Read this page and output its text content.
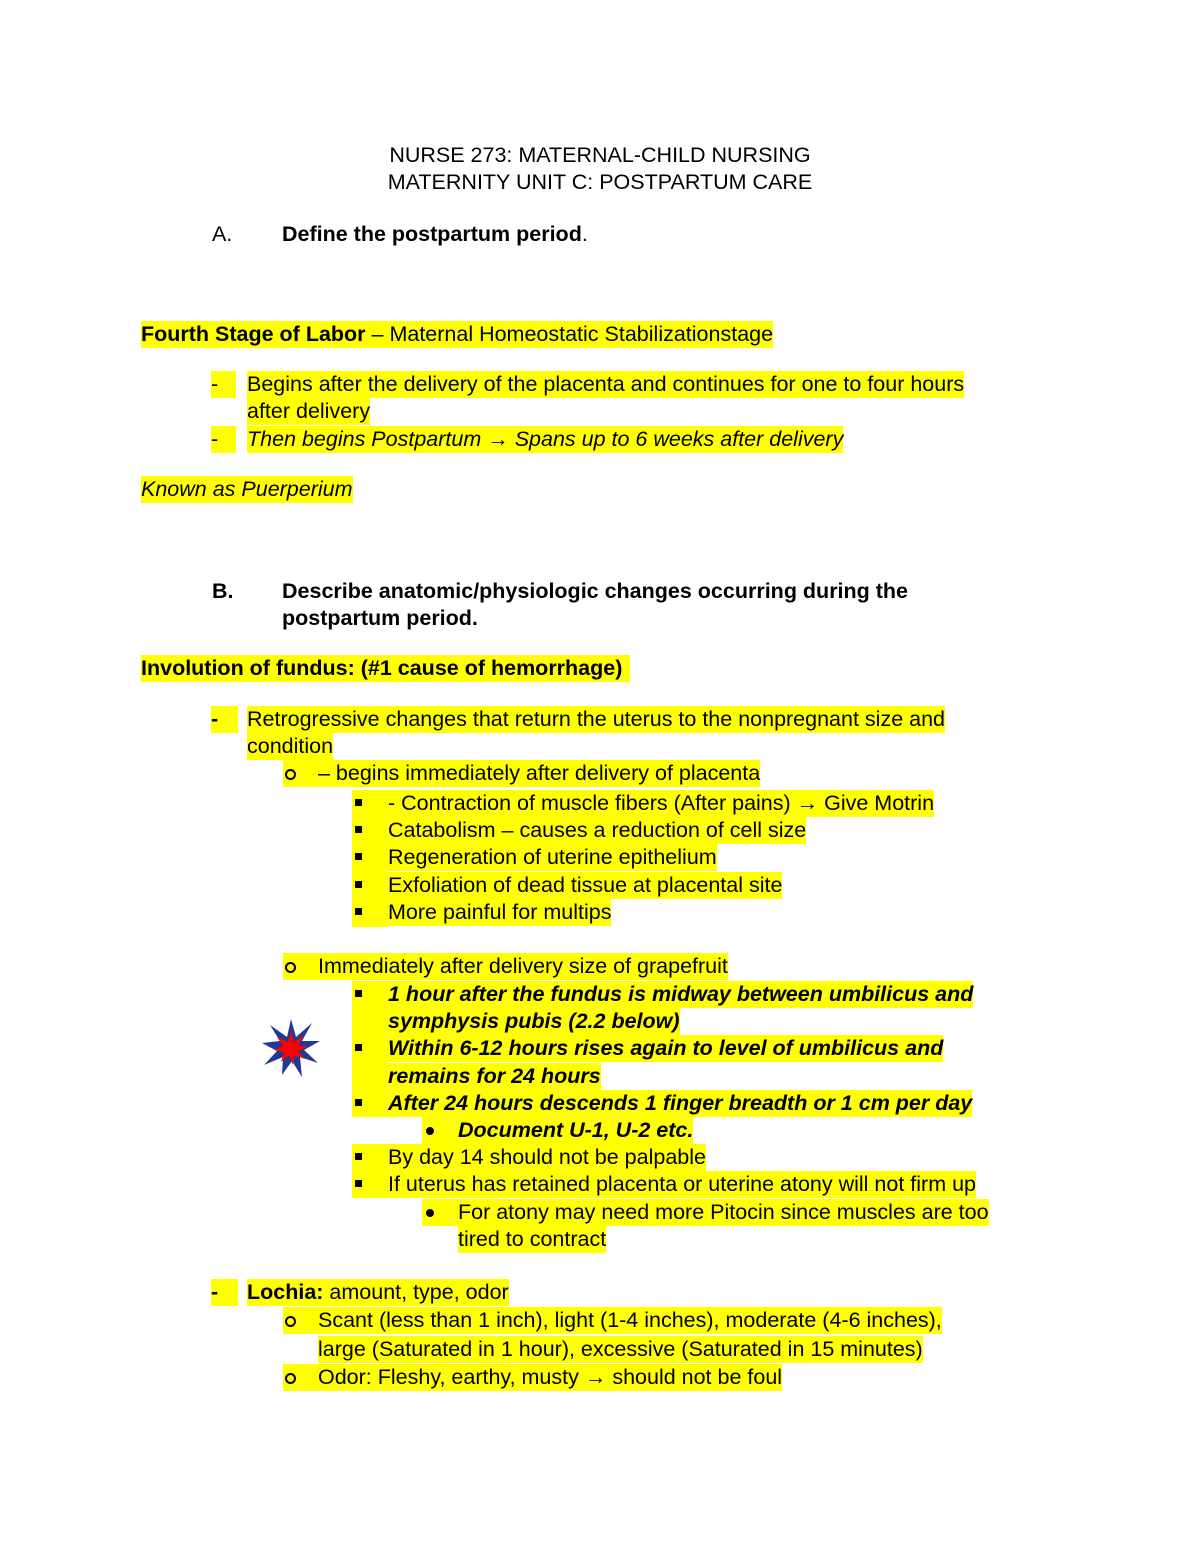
NURSE 273: MATERNAL-CHILD NURSING
MATERNITY UNIT C: POSTPARTUM CARE
A. Define the postpartum period.
Fourth Stage of Labor – Maternal Homeostatic Stabilizationstage
-	Begins after the delivery of the placenta and continues for one to four hours
after delivery
-	Then begins Postpartum → Spans up to 6 weeks after delivery
Known as Puerperium
B. Describe anatomic/physiologic changes occurring during the
postpartum period.
Involution of fundus: (#1 cause of hemorrhage)
-	Retrogressive changes that return the uterus to the nonpregnant size and
condition
– begins immediately after delivery of placenta
- Contraction of muscle fibers (After pains) → Give Motrin
Catabolism – causes a reduction of cell size
Regeneration of uterine epithelium
Exfoliation of dead tissue at placental site
More painful for multips
Immediately after delivery size of grapefruit
1 hour after the fundus is midway between umbilicus and
symphysis pubis (2.2 below)
Within 6-12 hours rises again to level of umbilicus and
remains for 24 hours
After 24 hours descends 1 finger breadth or 1 cm per day
Document U-1, U-2 etc.
By day 14 should not be palpable
If uterus has retained placenta or uterine atony will not firm up
For atony may need more Pitocin since muscles are too
tired to contract
-	Lochia: amount, type, odor
Scant (less than 1 inch), light (1-4 inches), moderate (4-6 inches),
large (Saturated in 1 hour), excessive (Saturated in 15 minutes)
Odor: Fleshy, earthy, musty → should not be foul
